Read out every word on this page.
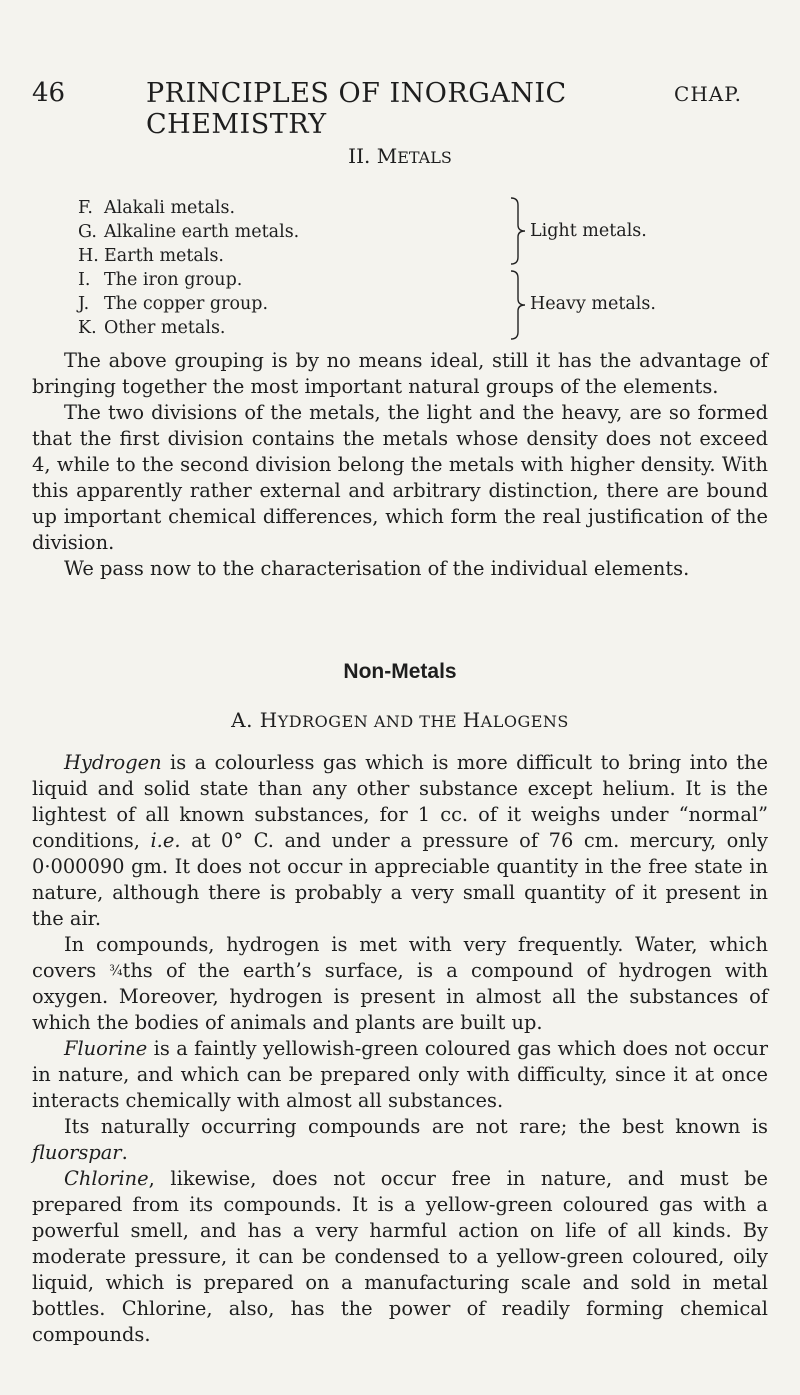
46	PRINCIPLES OF INORGANIC CHEMISTRY
CHAP.
II. METALS
F. Alakali metals.
G. Alkaline earth metals.
H. Earth metals.
I. The iron group.
J. The copper group.
K. Other metals.
Light metals.
Heavy metals.

The above grouping is by no means ideal, still it has the advantage of bringing together the most important natural groups of the elements.

The two divisions of the metals, the light and the heavy, are so formed that the first division contains the metals whose density does not exceed 4, while to the second division belong the metals with higher density. With this apparently rather external and arbitrary distinction, there are bound up important chemical differences, which form the real justification of the division.

We pass now to the characterisation of the individual elements.

Non-Metals
A. HYDROGEN AND THE HALOGENS

Hydrogen is a colourless gas which is more difficult to bring into the liquid and solid state than any other substance except helium. It is the lightest of all known substances, for 1 cc. of it weighs under “normal” conditions, i.e. at 0° C. and under a pressure of 76 cm. mercury, only 0·000090 gm. It does not occur in appreciable quantity in the free state in nature, although there is probably a very small quantity of it present in the air.

In compounds, hydrogen is met with very frequently. Water, which covers ¾ths of the earth’s surface, is a compound of hydrogen with oxygen. Moreover, hydrogen is present in almost all the substances of which the bodies of animals and plants are built up.

Fluorine is a faintly yellowish-green coloured gas which does not occur in nature, and which can be prepared only with difficulty, since it at once interacts chemically with almost all substances.

Its naturally occurring compounds are not rare; the best known is fluorspar.

Chlorine, likewise, does not occur free in nature, and must be prepared from its compounds. It is a yellow-green coloured gas with a powerful smell, and has a very harmful action on life of all kinds. By moderate pressure, it can be condensed to a yellow-green coloured, oily liquid, which is prepared on a manufacturing scale and sold in metal bottles. Chlorine, also, has the power of readily forming chemical compounds.
